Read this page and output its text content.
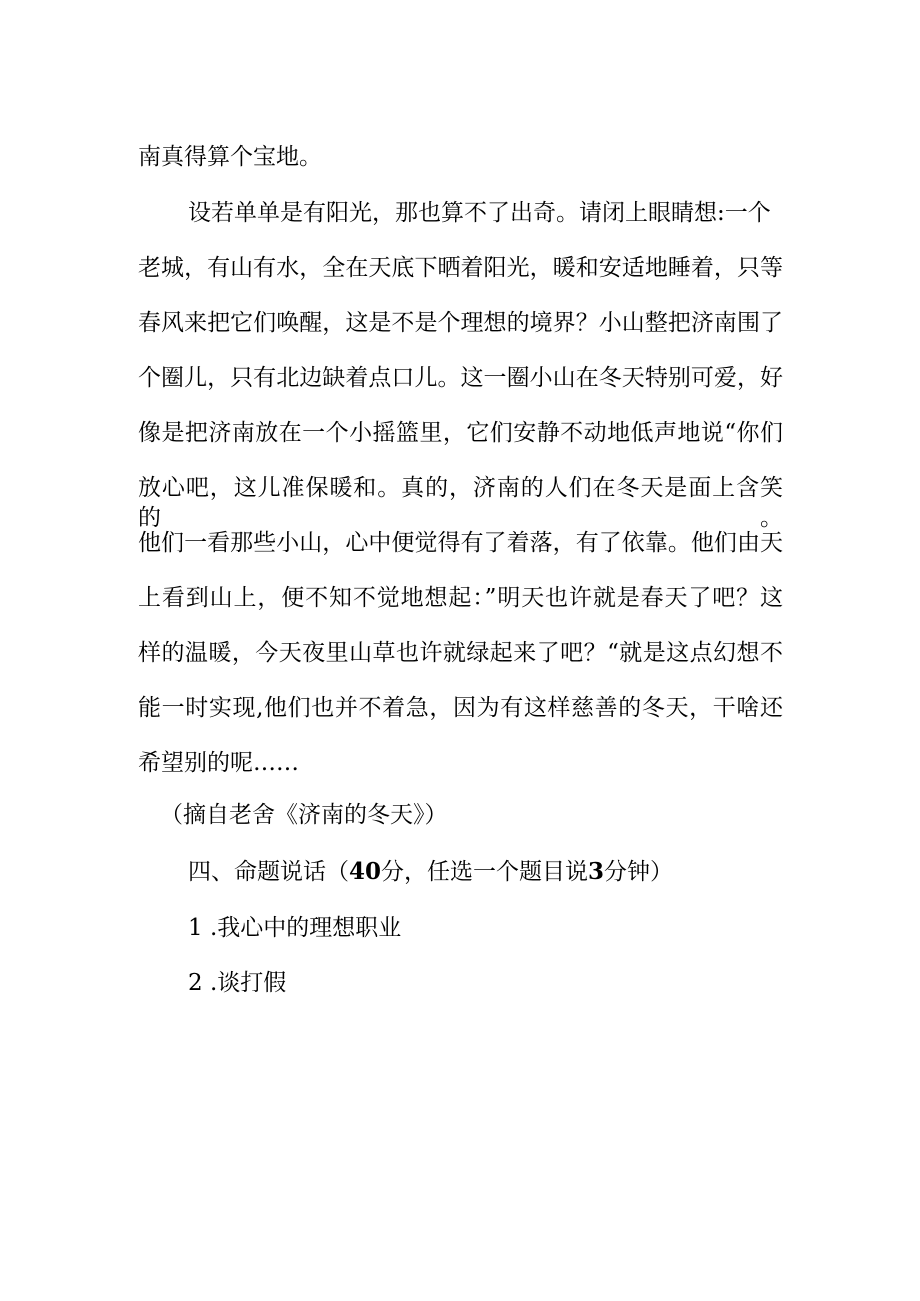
南真得算个宝地。
设若单单是有阳光，那也算不了出奇。请闭上眼睛想:一个
老城，有山有水，全在天底下晒着阳光，暖和安适地睡着，只等
春风来把它们唤醒，这是不是个理想的境界？小山整把济南围了
个圈儿，只有北边缺着点口儿。这一圈小山在冬天特别可爱，好
像是把济南放在一个小摇篮里，它们安静不动地低声地说“你们
放心吧，这儿准保暖和。真的，济南的人们在冬天是面上含笑的。
他们一看那些小山，心中便觉得有了着落，有了依靠。他们由天
上看到山上，便不知不觉地想起：”明天也许就是春天了吧？这
样的温暖，今天夜里山草也许就绿起来了吧？“就是这点幻想不
能一时实现,他们也并不着急，因为有这样慈善的冬天，干啥还
希望别的呢……
（摘自老舍《济南的冬天》）
四、命题说话（40分，任选一个题目说3分钟）
1 .我心中的理想职业
2 .谈打假
